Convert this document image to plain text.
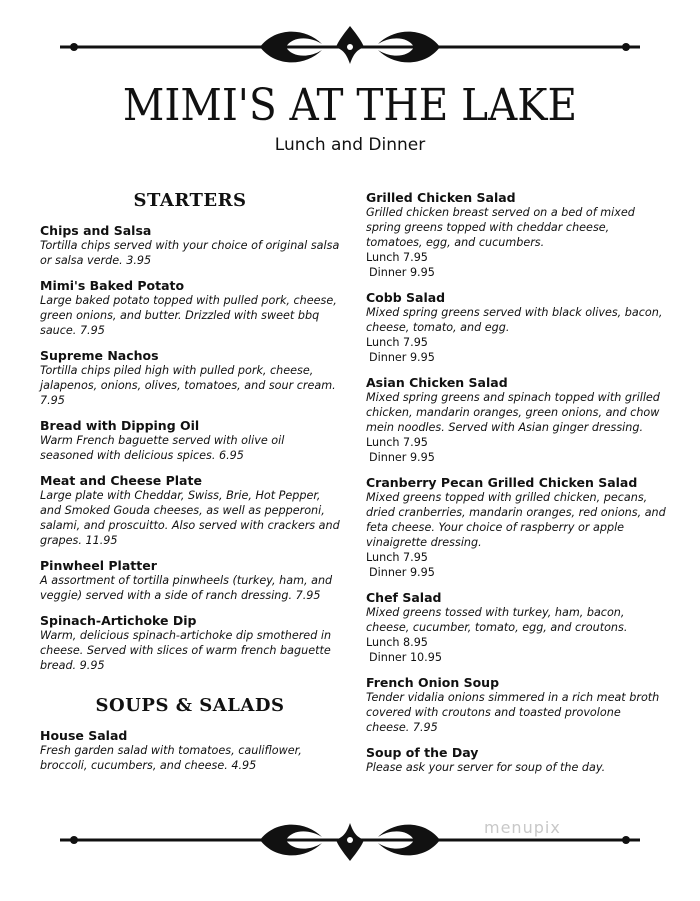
MIMI'S AT THE LAKE

Lunch and Dinner

STARTERS

Chips and Salsa

Tortilla chips served with your choice of original salsa or salsa verde. 3.95

Mimi's Baked Potato

Large baked potato topped with pulled pork, cheese, green onions, and butter. Drizzled with sweet bbq sauce. 7.95

Supreme Nachos

Tortilla chips piled high with pulled pork, cheese, jalapenos, onions, olives, tomatoes, and sour cream. 7.95

Bread with Dipping Oil

Warm French baguette served with olive oil seasoned with delicious spices. 6.95

Meat and Cheese Plate

Large plate with Cheddar, Swiss, Brie, Hot Pepper, and Smoked Gouda cheeses, as well as pepperoni, salami, and proscuitto. Also served with crackers and grapes. 11.95

Pinwheel Platter

A assortment of tortilla pinwheels (turkey, ham, and veggie) served with a side of ranch dressing. 7.95

Spinach-Artichoke Dip

Warm, delicious spinach-artichoke dip smothered in cheese. Served with slices of warm french baguette bread. 9.95

SOUPS & SALADS

House Salad

Fresh garden salad with tomatoes, cauliflower, broccoli, cucumbers, and cheese. 4.95

Grilled Chicken Salad

Grilled chicken breast served on a bed of mixed spring greens topped with cheddar cheese, tomatoes, egg, and cucumbers.

Lunch 7.95

Dinner 9.95

Cobb Salad

Mixed spring greens served with black olives, bacon, cheese, tomato, and egg.

Lunch 7.95

Dinner 9.95

Asian Chicken Salad

Mixed spring greens and spinach topped with grilled chicken, mandarin oranges, green onions, and chow mein noodles. Served with Asian ginger dressing.

Lunch 7.95

Dinner 9.95

Cranberry Pecan Grilled Chicken Salad

Mixed greens topped with grilled chicken, pecans, dried cranberries, mandarin oranges, red onions, and feta cheese. Your choice of raspberry or apple vinaigrette dressing.

Lunch 7.95

Dinner 9.95

Chef Salad

Mixed greens tossed with turkey, ham, bacon, cheese, cucumber, tomato, egg, and croutons.

Lunch 8.95

Dinner 10.95

French Onion Soup

Tender vidalia onions simmered in a rich meat broth covered with croutons and toasted provolone cheese. 7.95

Soup of the Day

Please ask your server for soup of the day.

menupix
